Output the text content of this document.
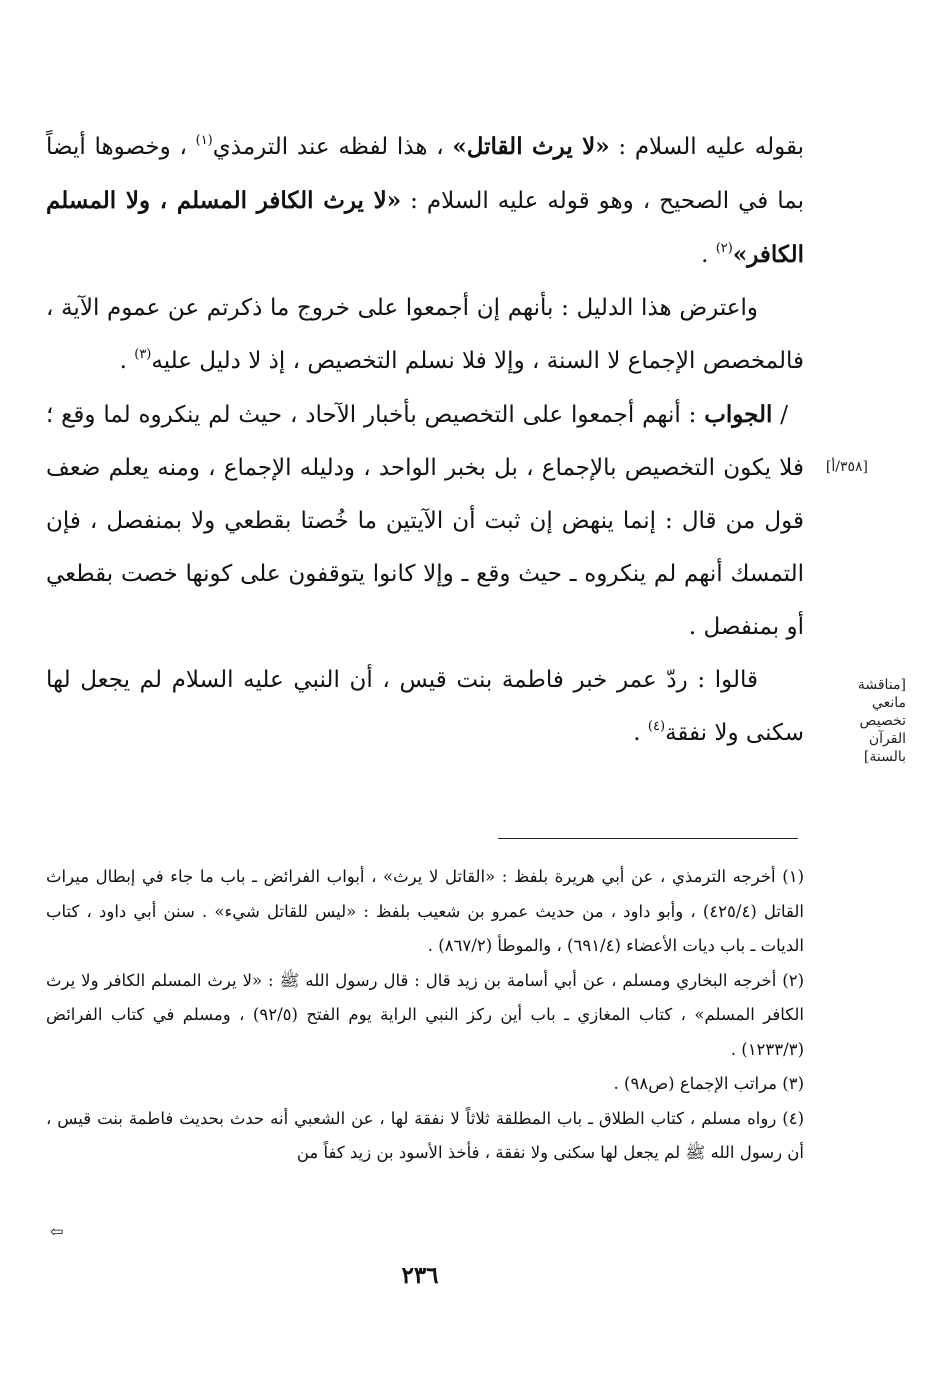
بقوله عليه السلام : «لا يرث القاتل» ، هذا لفظه عند الترمذي$^{(١)}$ ، وخصوها أيضاً بما في الصحيح ، وهو قوله عليه السلام : «لا يرث الكافر المسلم ، ولا المسلم الكافر»$^{(٢)}$ .

واعترض هذا الدليل : بأنهم إن أجمعوا على خروج ما ذكرتم عن عموم الآية ، فالمخصص الإجماع لا السنة ، وإلا فلا نسلم التخصيص ، إذ لا دليل عليه$^{(٣)}$ .

/ الجواب : أنهم أجمعوا على التخصيص بأخبار الآحاد ، حيث لم ينكروه لما وقع ؛ فلا يكون التخصيص بالإجماع ، بل بخبر الواحد ، ودليله الإجماع ، ومنه يعلم ضعف قول من قال : إنما ينهض إن ثبت أن الآيتين ما خُصتا بقطعي ولا بمنفصل ، فإن التمسك أنهم لم ينكروه ـ حيث وقع ـ وإلا كانوا يتوقفون على كونها خصت بقطعي أو بمنفصل .

قالوا : ردّ عمر خبر فاطمة بنت قيس ، أن النبي عليه السلام لم يجعل لها سكنى ولا نفقة$^{(٤)}$ .

[٣٥٨/أ]
[مناقشة مانعي تخصيص القرآن بالسنة]

(١) أخرجه الترمذي ، عن أبي هريرة بلفظ : «القاتل لا يرث» ، أبواب الفرائض ـ باب ما جاء في إبطال ميراث القاتل (٤٢٥/٤) ، وأبو داود ، من حديث عمرو بن شعيب بلفظ : «ليس للقاتل شيء» . سنن أبي داود ، كتاب الديات ـ باب ديات الأعضاء (٦٩١/٤) ، والموطأ (٨٦٧/٢) .

(٢) أخرجه البخاري ومسلم ، عن أبي أسامة بن زيد قال : قال رسول الله ﷺ : «لا يرث المسلم الكافر ولا يرث الكافر المسلم» ، كتاب المغازي ـ باب أين ركز النبي الراية يوم الفتح (٩٢/٥) ، ومسلم في كتاب الفرائض (١٢٣٣/٣) .

(٣) مراتب الإجماع (ص٩٨) .

(٤) رواه مسلم ، كتاب الطلاق ـ باب المطلقة ثلاثاً لا نفقة لها ، عن الشعبي أنه حدث بحديث فاطمة بنت قيس ، أن رسول الله ﷺ لم يجعل لها سكنى ولا نفقة ، فأخذ الأسود بن زيد كفاً من

⇦
٢٣٦
